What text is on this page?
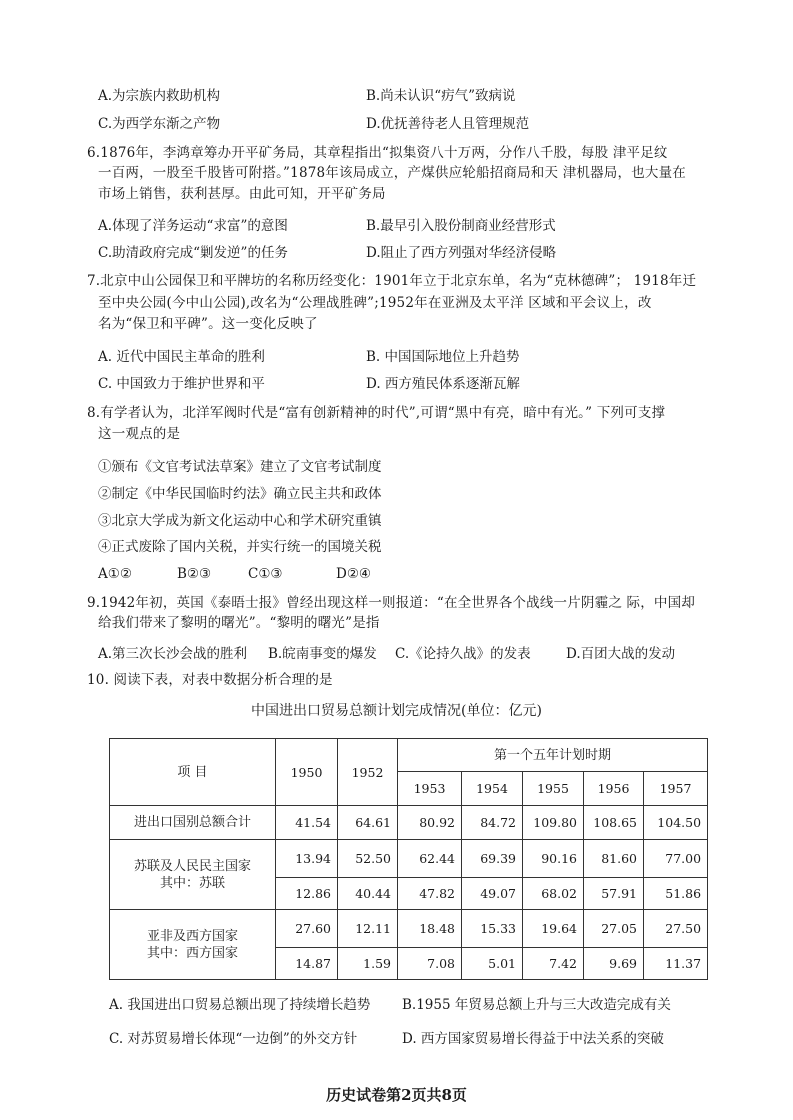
A.为宗族内救助机构	B.尚未认识“疠气”致病说
C.为西学东渐之产物	D.优抚善待老人且管理规范
6.1876年，李鸿章筹办开平矿务局，其章程指出“拟集资八十万两，分作八千股，每股 津平足纹
一百两，一股至千股皆可附搭。”1878年该局成立，产煤供应轮船招商局和天 津机器局，也大量在
市场上销售，获利甚厚。由此可知，开平矿务局
A.体现了洋务运动“求富”的意图	B.最早引入股份制商业经营形式
C.助清政府完成“剿发逆”的任务	D.阻止了西方列强对华经济侵略
7.北京中山公园保卫和平牌坊的名称历经变化：1901年立于北京东单，名为“克林德碑”； 1918年迁
至中央公园(今中山公园),改名为“公理战胜碑”;1952年在亚洲及太平洋 区域和平会议上，改
名为“保卫和平碑”。这一变化反映了
A. 近代中国民主革命的胜利	B. 中国国际地位上升趋势
C. 中国致力于维护世界和平	D. 西方殖民体系逐渐瓦解
8.有学者认为，北洋军阀时代是“富有创新精神的时代”,可谓“黑中有亮，暗中有光。” 下列可支撑
这一观点的是
①颁布《文官考试法草案》建立了文官考试制度
②制定《中华民国临时约法》确立民主共和政体
③北京大学成为新文化运动中心和学术研究重镇
④正式废除了国内关税，并实行统一的国境关税
A①②	B②③	C①③	D②④
9.1942年初，英国《泰晤士报》曾经出现这样一则报道：“在全世界各个战线一片阴霾之 际，中国却
给我们带来了黎明的曙光”。“黎明的曙光”是指
A.第三次长沙会战的胜利 B.皖南事变的爆发 C.《论持久战》的发表	D.百团大战的发动
10. 阅读下表，对表中数据分析合理的是
中国进出口贸易总额计划完成情况(单位：亿元)
项 目	1950	1952	第一个五年计划时期				
			1953	1954	1955	1956	1957
进出口国别总额合计	41.54	64.61	80.92	84.72	109.80	108.65	104.50

苏联及人民民主国家
其中：苏联	13.94	52.50	62.44	69.39	90.16	81.60	77.00
	12.86	40.44	47.82	49.07	68.02	57.91	51.86

亚非及西方国家
其中：西方国家	27.60	12.11	18.48	15.33	19.64	27.05	27.50
	14.87	1.59	7.08	5.01	7.42	9.69	11.37
A. 我国进出口贸易总额出现了持续增长趋势 B.1955 年贸易总额上升与三大改造完成有关
C. 对苏贸易增长体现“一边倒”的外交方针	D. 西方国家贸易增长得益于中法关系的突破
历史试卷第2页共8页
